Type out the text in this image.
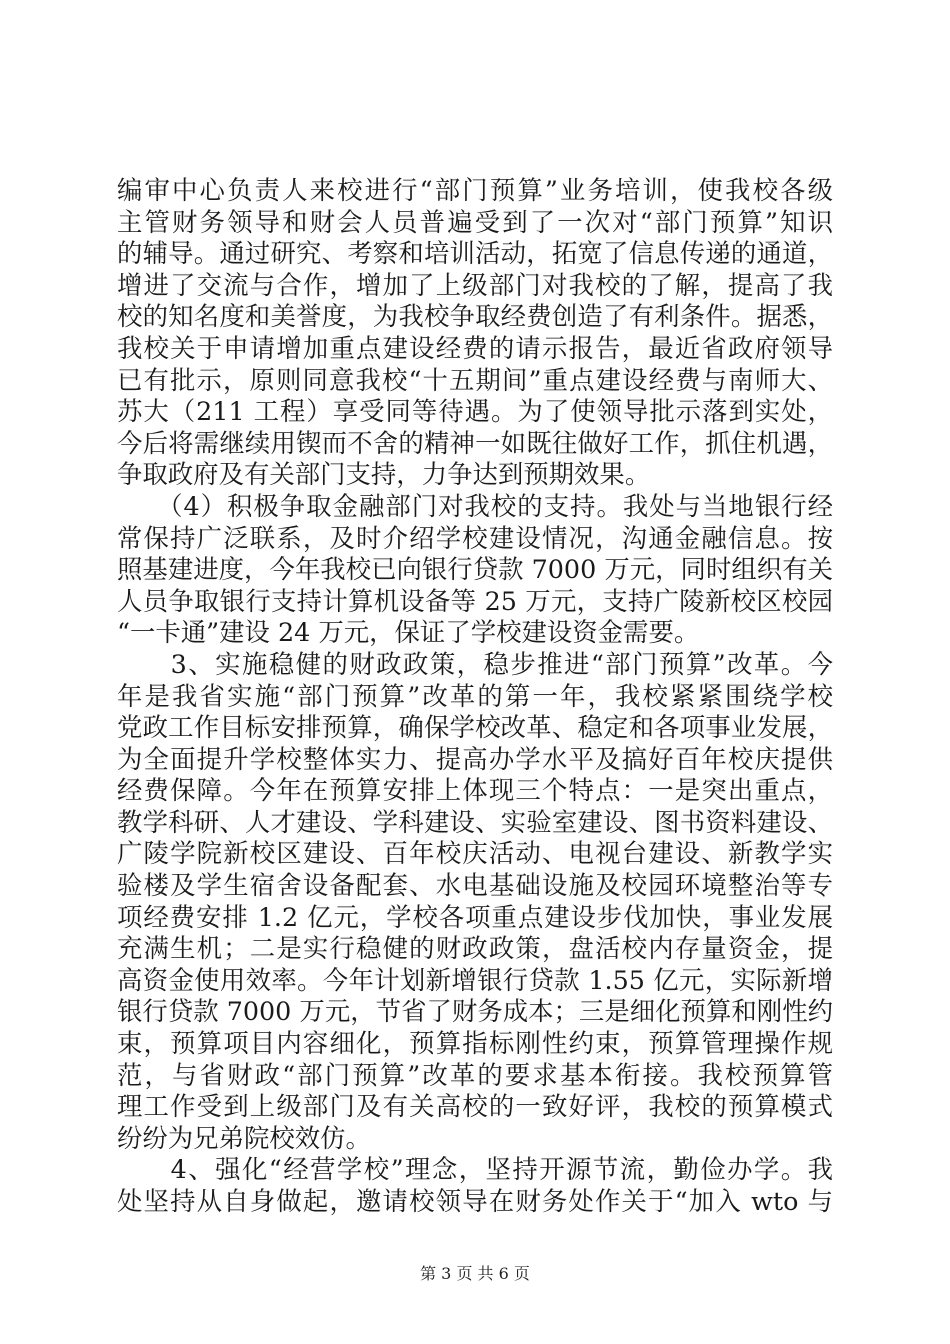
编审中心负责人来校进行“部门预算”业务培训，使我校各级
主管财务领导和财会人员普遍受到了一次对“部门预算”知识
的辅导。通过研究、考察和培训活动，拓宽了信息传递的通道，
增进了交流与合作，增加了上级部门对我校的了解，提高了我
校的知名度和美誉度，为我校争取经费创造了有利条件。据悉，
我校关于申请增加重点建设经费的请示报告，最近省政府领导
已有批示，原则同意我校“十五期间”重点建设经费与南师大、
苏大（211 工程）享受同等待遇。为了使领导批示落到实处，
今后将需继续用锲而不舍的精神一如既往做好工作，抓住机遇，
争取政府及有关部门支持，力争达到预期效果。
　　（4）积极争取金融部门对我校的支持。我处与当地银行经
常保持广泛联系，及时介绍学校建设情况，沟通金融信息。按
照基建进度，今年我校已向银行贷款 7000 万元，同时组织有关
人员争取银行支持计算机设备等 25 万元，支持广陵新校区校园
“一卡通”建设 24 万元，保证了学校建设资金需要。
　　3、实施稳健的财政政策，稳步推进“部门预算”改革。今
年是我省实施“部门预算”改革的第一年，我校紧紧围绕学校
党政工作目标安排预算，确保学校改革、稳定和各项事业发展，
为全面提升学校整体实力、提高办学水平及搞好百年校庆提供
经费保障。今年在预算安排上体现三个特点：一是突出重点，
教学科研、人才建设、学科建设、实验室建设、图书资料建设、
广陵学院新校区建设、百年校庆活动、电视台建设、新教学实
验楼及学生宿舍设备配套、水电基础设施及校园环境整治等专
项经费安排 1.2 亿元，学校各项重点建设步伐加快，事业发展
充满生机；二是实行稳健的财政政策，盘活校内存量资金，提
高资金使用效率。今年计划新增银行贷款 1.55 亿元，实际新增
银行贷款 7000 万元，节省了财务成本；三是细化预算和刚性约
束，预算项目内容细化，预算指标刚性约束，预算管理操作规
范，与省财政“部门预算”改革的要求基本衔接。我校预算管
理工作受到上级部门及有关高校的一致好评，我校的预算模式
纷纷为兄弟院校效仿。
　　4、强化“经营学校”理念，坚持开源节流，勤俭办学。我
处坚持从自身做起，邀请校领导在财务处作关于“加入 wto 与
第 3 页 共 6 页
